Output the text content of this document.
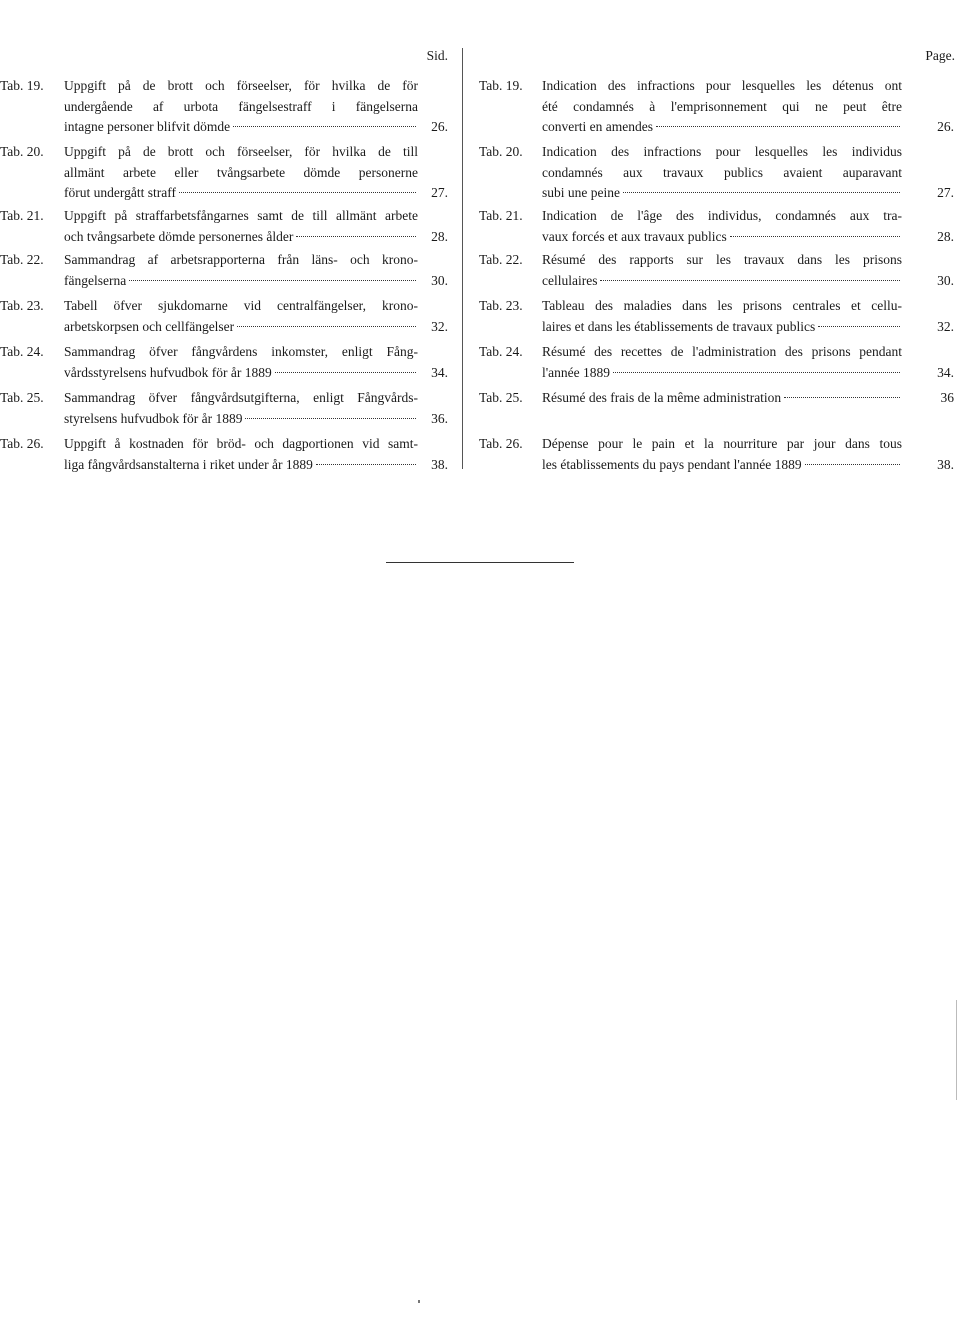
Sid.
Tab. 19. Uppgift på de brott och förseelser, för hvilka de för
undergående af urbota fängelsestraff i fängelserna
intagne personer blifvit dömde	26.
Tab. 20. Uppgift på de brott och förseelser, för hvilka de till
allmänt arbete eller tvångsarbete dömde personerne
förut undergått straff	27.
Tab. 21. Uppgift på straffarbetsfångarnes samt de till allmänt arbete
och tvångsarbete dömde personernes ålder	28.
Tab. 22. Sammandrag af arbetsrapporterna från läns- och krono-
fängelserna	30.
Tab. 23. Tabell öfver sjukdomarne vid centralfängelser, krono-
arbetskorpsen och cellfängelser	32.
Tab. 24. Sammandrag öfver fångvårdens inkomster, enligt Fång-
vårdsstyrelsens hufvudbok för år 1889	34.
Tab. 25. Sammandrag öfver fångvårdsutgifterna, enligt Fångvårds-
styrelsens hufvudbok för år 1889	36.
Tab. 26. Uppgift å kostnaden för bröd- och dagportionen vid samt-
liga fångvårdsanstalterna i riket under år 1889	38.
Page.
Tab. 19. Indication des infractions pour lesquelles les détenus ont
été condamnés à l'emprisonnement qui ne peut être
converti en amendes	26.
Tab. 20. Indication des infractions pour lesquelles les individus
condamnés aux travaux publics avaient auparavant
subi une peine	27.
Tab. 21. Indication de l'âge des individus, condamnés aux tra-
vaux forcés et aux travaux publics	28.
Tab. 22. Résumé des rapports sur les travaux dans les prisons
cellulaires	30.
Tab. 23. Tableau des maladies dans les prisons centrales et cellu-
laires et dans les établissements de travaux publics	32.
Tab. 24. Résumé des recettes de l'administration des prisons pendant
l'année 1889	34.
Tab. 25. Résumé des frais de la même administration	36
Tab. 26. Dépense pour le pain et la nourriture par jour dans tous
les établissements du pays pendant l'année 1889	38.
